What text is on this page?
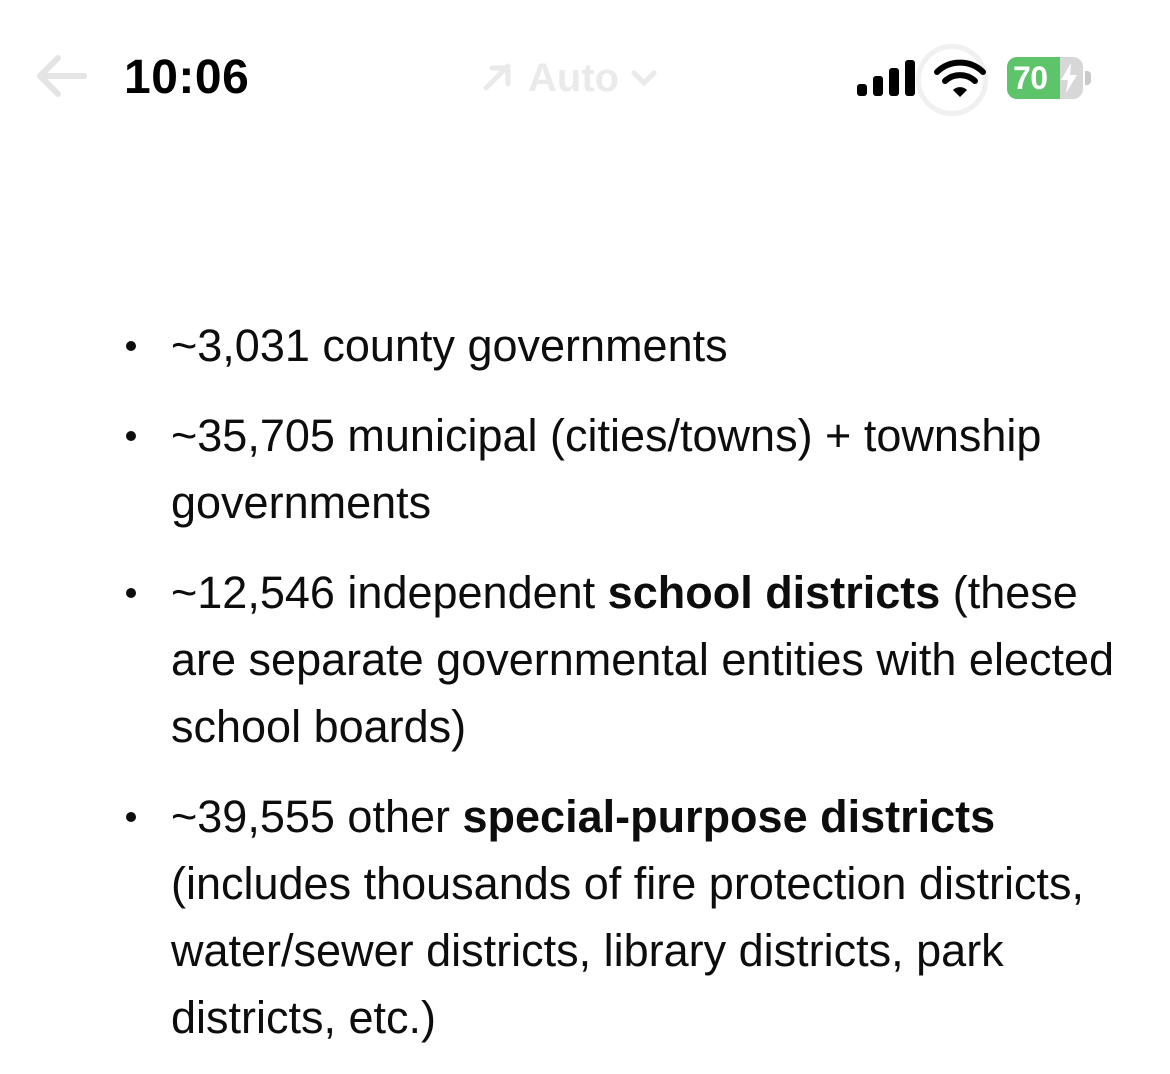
Auto
10:06	70
~3,031 county governments
~35,705 municipal (cities/towns) + township governments
~12,546 independent school districts (these are separate governmental entities with elected school boards)
~39,555 other special-purpose districts (includes thousands of fire protection districts, water/sewer districts, library districts, park districts, etc.)
